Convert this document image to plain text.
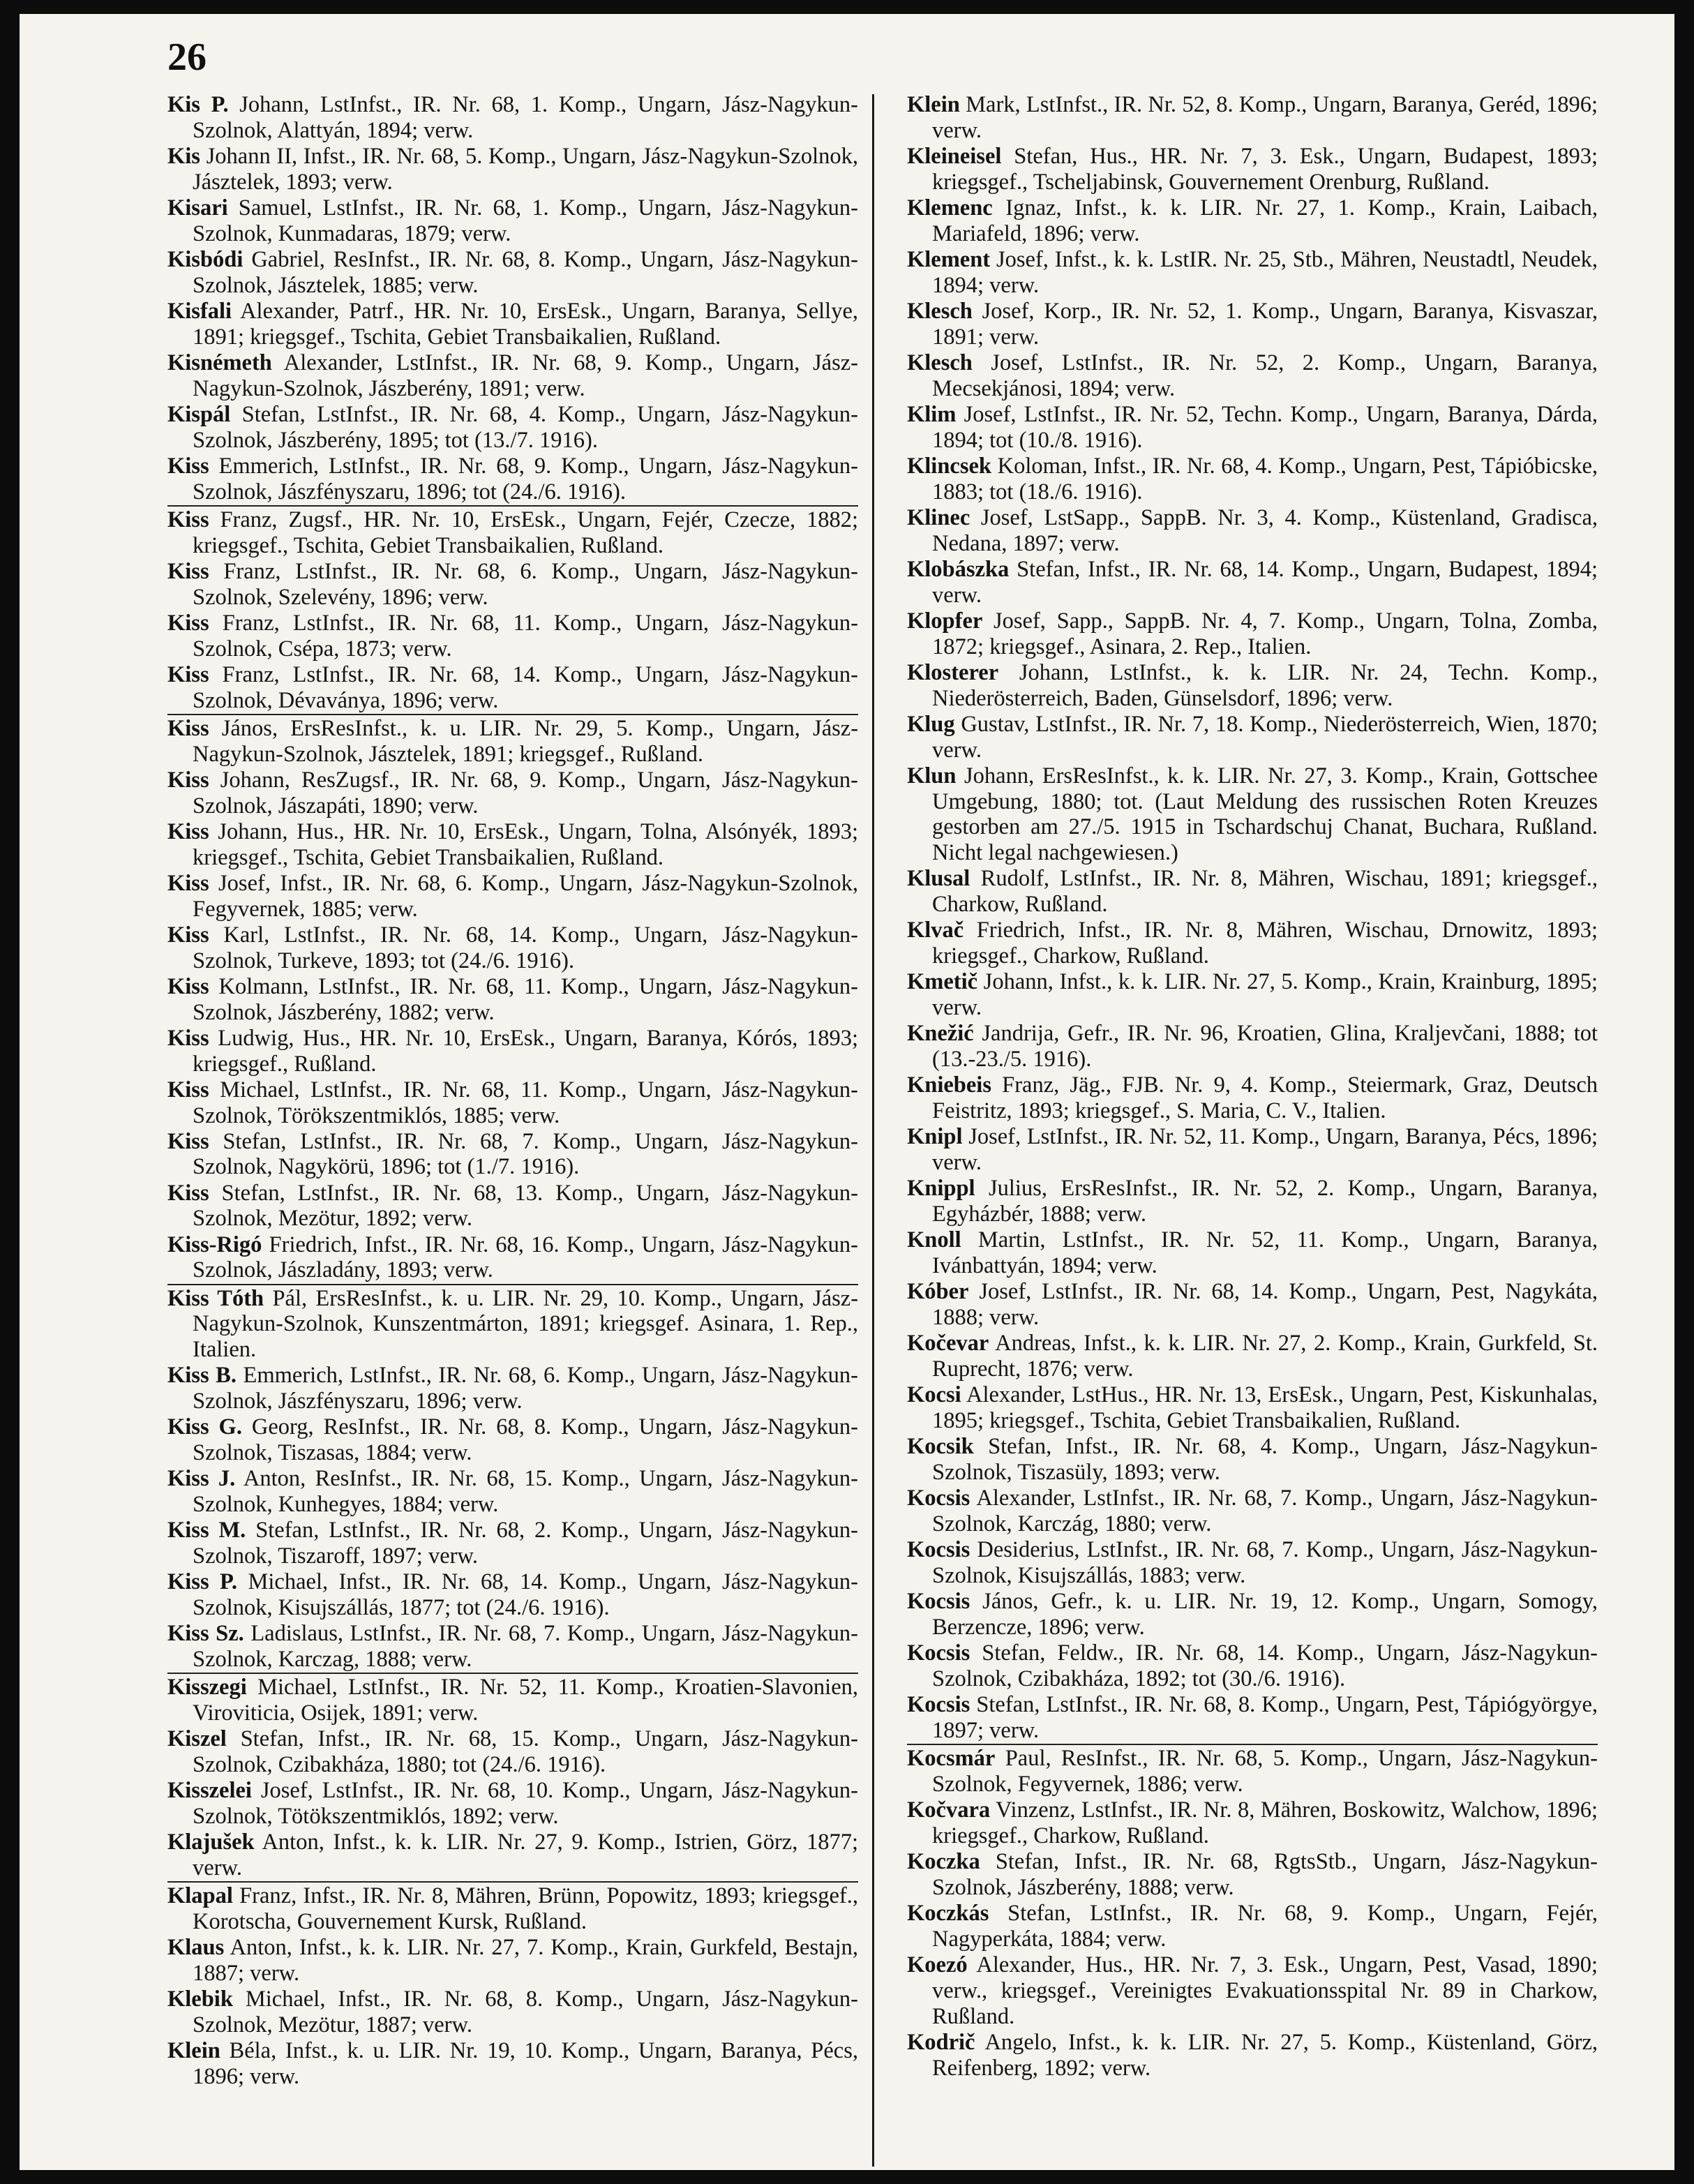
26

Kis P. Johann, LstInfst., IR. Nr. 68, 1. Komp., Ungarn, Jász-Nagykun-Szolnok, Alattyán, 1894; verw.

Kis Johann II, Infst., IR. Nr. 68, 5. Komp., Ungarn, Jász-Nagykun-Szolnok, Jásztelek, 1893; verw.

Kisari Samuel, LstInfst., IR. Nr. 68, 1. Komp., Ungarn, Jász-Nagykun-Szolnok, Kunmadaras, 1879; verw.

Kisbódi Gabriel, ResInfst., IR. Nr. 68, 8. Komp., Ungarn, Jász-Nagykun-Szolnok, Jásztelek, 1885; verw.

Kisfali Alexander, Patrf., HR. Nr. 10, ErsEsk., Ungarn, Baranya, Sellye, 1891; kriegsgef., Tschita, Gebiet Transbaikalien, Rußland.

Kisnémeth Alexander, LstInfst., IR. Nr. 68, 9. Komp., Ungarn, Jász-Nagykun-Szolnok, Jászberény, 1891; verw.

Kispál Stefan, LstInfst., IR. Nr. 68, 4. Komp., Ungarn, Jász-Nagykun-Szolnok, Jászberény, 1895; tot (13./7. 1916).

Kiss Emmerich, LstInfst., IR. Nr. 68, 9. Komp., Ungarn, Jász-Nagykun-Szolnok, Jászfényszaru, 1896; tot (24./6. 1916).

Kiss Franz, Zugsf., HR. Nr. 10, ErsEsk., Ungarn, Fejér, Czecze, 1882; kriegsgef., Tschita, Gebiet Transbaikalien, Rußland.

Kiss Franz, LstInfst., IR. Nr. 68, 6. Komp., Ungarn, Jász-Nagykun-Szolnok, Szelevény, 1896; verw.

Kiss Franz, LstInfst., IR. Nr. 68, 11. Komp., Ungarn, Jász-Nagykun-Szolnok, Csépa, 1873; verw.

Kiss Franz, LstInfst., IR. Nr. 68, 14. Komp., Ungarn, Jász-Nagykun-Szolnok, Dévaványa, 1896; verw.

Kiss János, ErsResInfst., k. u. LIR. Nr. 29, 5. Komp., Ungarn, Jász-Nagykun-Szolnok, Jásztelek, 1891; kriegsgef., Rußland.

Kiss Johann, ResZugsf., IR. Nr. 68, 9. Komp., Ungarn, Jász-Nagykun-Szolnok, Jászapáti, 1890; verw.

Kiss Johann, Hus., HR. Nr. 10, ErsEsk., Ungarn, Tolna, Alsónyék, 1893; kriegsgef., Tschita, Gebiet Transbaikalien, Rußland.

Kiss Josef, Infst., IR. Nr. 68, 6. Komp., Ungarn, Jász-Nagykun-Szolnok, Fegyvernek, 1885; verw.

Kiss Karl, LstInfst., IR. Nr. 68, 14. Komp., Ungarn, Jász-Nagykun-Szolnok, Turkeve, 1893; tot (24./6. 1916).

Kiss Kolmann, LstInfst., IR. Nr. 68, 11. Komp., Ungarn, Jász-Nagykun-Szolnok, Jászberény, 1882; verw.

Kiss Ludwig, Hus., HR. Nr. 10, ErsEsk., Ungarn, Baranya, Kórós, 1893; kriegsgef., Rußland.

Kiss Michael, LstInfst., IR. Nr. 68, 11. Komp., Ungarn, Jász-Nagykun-Szolnok, Törökszentmiklós, 1885; verw.

Kiss Stefan, LstInfst., IR. Nr. 68, 7. Komp., Ungarn, Jász-Nagykun-Szolnok, Nagykörü, 1896; tot (1./7. 1916).

Kiss Stefan, LstInfst., IR. Nr. 68, 13. Komp., Ungarn, Jász-Nagykun-Szolnok, Mezötur, 1892; verw.

Kiss-Rigó Friedrich, Infst., IR. Nr. 68, 16. Komp., Ungarn, Jász-Nagykun-Szolnok, Jászladány, 1893; verw.

Kiss Tóth Pál, ErsResInfst., k. u. LIR. Nr. 29, 10. Komp., Ungarn, Jász-Nagykun-Szolnok, Kunszentmárton, 1891; kriegsgef. Asinara, 1. Rep., Italien.

Kiss B. Emmerich, LstInfst., IR. Nr. 68, 6. Komp., Ungarn, Jász-Nagykun-Szolnok, Jászfényszaru, 1896; verw.

Kiss G. Georg, ResInfst., IR. Nr. 68, 8. Komp., Ungarn, Jász-Nagykun-Szolnok, Tiszasas, 1884; verw.

Kiss J. Anton, ResInfst., IR. Nr. 68, 15. Komp., Ungarn, Jász-Nagykun-Szolnok, Kunhegyes, 1884; verw.

Kiss M. Stefan, LstInfst., IR. Nr. 68, 2. Komp., Ungarn, Jász-Nagykun-Szolnok, Tiszaroff, 1897; verw.

Kiss P. Michael, Infst., IR. Nr. 68, 14. Komp., Ungarn, Jász-Nagykun-Szolnok, Kisujszállás, 1877; tot (24./6. 1916).

Kiss Sz. Ladislaus, LstInfst., IR. Nr. 68, 7. Komp., Ungarn, Jász-Nagykun-Szolnok, Karczag, 1888; verw.

Kisszegi Michael, LstInfst., IR. Nr. 52, 11. Komp., Kroatien-Slavonien, Viroviticia, Osijek, 1891; verw.

Kiszel Stefan, Infst., IR. Nr. 68, 15. Komp., Ungarn, Jász-Nagykun-Szolnok, Czibakháza, 1880; tot (24./6. 1916).

Kisszelei Josef, LstInfst., IR. Nr. 68, 10. Komp., Ungarn, Jász-Nagykun-Szolnok, Tötökszentmiklós, 1892; verw.

Klajušek Anton, Infst., k. k. LIR. Nr. 27, 9. Komp., Istrien, Görz, 1877; verw.

Klapal Franz, Infst., IR. Nr. 8, Mähren, Brünn, Popowitz, 1893; kriegsgef., Korotscha, Gouvernement Kursk, Rußland.

Klaus Anton, Infst., k. k. LIR. Nr. 27, 7. Komp., Krain, Gurkfeld, Bestajn, 1887; verw.

Klebik Michael, Infst., IR. Nr. 68, 8. Komp., Ungarn, Jász-Nagykun-Szolnok, Mezötur, 1887; verw.

Klein Béla, Infst., k. u. LIR. Nr. 19, 10. Komp., Ungarn, Baranya, Pécs, 1896; verw.

Klein Mark, LstInfst., IR. Nr. 52, 8. Komp., Ungarn, Baranya, Geréd, 1896; verw.

Kleineisel Stefan, Hus., HR. Nr. 7, 3. Esk., Ungarn, Budapest, 1893; kriegsgef., Tscheljabinsk, Gouvernement Orenburg, Rußland.

Klemenc Ignaz, Infst., k. k. LIR. Nr. 27, 1. Komp., Krain, Laibach, Mariafeld, 1896; verw.

Klement Josef, Infst., k. k. LstIR. Nr. 25, Stb., Mähren, Neustadtl, Neudek, 1894; verw.

Klesch Josef, Korp., IR. Nr. 52, 1. Komp., Ungarn, Baranya, Kisvaszar, 1891; verw.

Klesch Josef, LstInfst., IR. Nr. 52, 2. Komp., Ungarn, Baranya, Mecsekjánosi, 1894; verw.

Klim Josef, LstInfst., IR. Nr. 52, Techn. Komp., Ungarn, Baranya, Dárda, 1894; tot (10./8. 1916).

Klincsek Koloman, Infst., IR. Nr. 68, 4. Komp., Ungarn, Pest, Tápióbicske, 1883; tot (18./6. 1916).

Klinec Josef, LstSapp., SappB. Nr. 3, 4. Komp., Küstenland, Gradisca, Nedana, 1897; verw.

Klobászka Stefan, Infst., IR. Nr. 68, 14. Komp., Ungarn, Budapest, 1894; verw.

Klopfer Josef, Sapp., SappB. Nr. 4, 7. Komp., Ungarn, Tolna, Zomba, 1872; kriegsgef., Asinara, 2. Rep., Italien.

Klosterer Johann, LstInfst., k. k. LIR. Nr. 24, Techn. Komp., Niederösterreich, Baden, Günselsdorf, 1896; verw.

Klug Gustav, LstInfst., IR. Nr. 7, 18. Komp., Niederösterreich, Wien, 1870; verw.

Klun Johann, ErsResInfst., k. k. LIR. Nr. 27, 3. Komp., Krain, Gottschee Umgebung, 1880; tot. (Laut Meldung des russischen Roten Kreuzes gestorben am 27./5. 1915 in Tschardschuj Chanat, Buchara, Rußland. Nicht legal nachgewiesen.)

Klusal Rudolf, LstInfst., IR. Nr. 8, Mähren, Wischau, 1891; kriegsgef., Charkow, Rußland.

Klvač Friedrich, Infst., IR. Nr. 8, Mähren, Wischau, Drnowitz, 1893; kriegsgef., Charkow, Rußland.

Kmetič Johann, Infst., k. k. LIR. Nr. 27, 5. Komp., Krain, Krainburg, 1895; verw.

Knežić Jandrija, Gefr., IR. Nr. 96, Kroatien, Glina, Kraljevčani, 1888; tot (13.-23./5. 1916).

Kniebeis Franz, Jäg., FJB. Nr. 9, 4. Komp., Steiermark, Graz, Deutsch Feistritz, 1893; kriegsgef., S. Maria, C. V., Italien.

Knipl Josef, LstInfst., IR. Nr. 52, 11. Komp., Ungarn, Baranya, Pécs, 1896; verw.

Knippl Julius, ErsResInfst., IR. Nr. 52, 2. Komp., Ungarn, Baranya, Egyházbér, 1888; verw.

Knoll Martin, LstInfst., IR. Nr. 52, 11. Komp., Ungarn, Baranya, Ivánbattyán, 1894; verw.

Kóber Josef, LstInfst., IR. Nr. 68, 14. Komp., Ungarn, Pest, Nagykáta, 1888; verw.

Kočevar Andreas, Infst., k. k. LIR. Nr. 27, 2. Komp., Krain, Gurkfeld, St. Ruprecht, 1876; verw.

Kocsi Alexander, LstHus., HR. Nr. 13, ErsEsk., Ungarn, Pest, Kiskunhalas, 1895; kriegsgef., Tschita, Gebiet Transbaikalien, Rußland.

Kocsik Stefan, Infst., IR. Nr. 68, 4. Komp., Ungarn, Jász-Nagykun-Szolnok, Tiszasüly, 1893; verw.

Kocsis Alexander, LstInfst., IR. Nr. 68, 7. Komp., Ungarn, Jász-Nagykun-Szolnok, Karczág, 1880; verw.

Kocsis Desiderius, LstInfst., IR. Nr. 68, 7. Komp., Ungarn, Jász-Nagykun-Szolnok, Kisujszállás, 1883; verw.

Kocsis János, Gefr., k. u. LIR. Nr. 19, 12. Komp., Ungarn, Somogy, Berzencze, 1896; verw.

Kocsis Stefan, Feldw., IR. Nr. 68, 14. Komp., Ungarn, Jász-Nagykun-Szolnok, Czibakháza, 1892; tot (30./6. 1916).

Kocsis Stefan, LstInfst., IR. Nr. 68, 8. Komp., Ungarn, Pest, Tápiógyörgye, 1897; verw.

Kocsmár Paul, ResInfst., IR. Nr. 68, 5. Komp., Ungarn, Jász-Nagykun-Szolnok, Fegyvernek, 1886; verw.

Kočvara Vinzenz, LstInfst., IR. Nr. 8, Mähren, Boskowitz, Walchow, 1896; kriegsgef., Charkow, Rußland.

Koczka Stefan, Infst., IR. Nr. 68, RgtsStb., Ungarn, Jász-Nagykun-Szolnok, Jászberény, 1888; verw.

Koczkás Stefan, LstInfst., IR. Nr. 68, 9. Komp., Ungarn, Fejér, Nagyperkáta, 1884; verw.

Koezó Alexander, Hus., HR. Nr. 7, 3. Esk., Ungarn, Pest, Vasad, 1890; verw., kriegsgef., Vereinigtes Evakuationsspital Nr. 89 in Charkow, Rußland.

Kodrič Angelo, Infst., k. k. LIR. Nr. 27, 5. Komp., Küstenland, Görz, Reifenberg, 1892; verw.
